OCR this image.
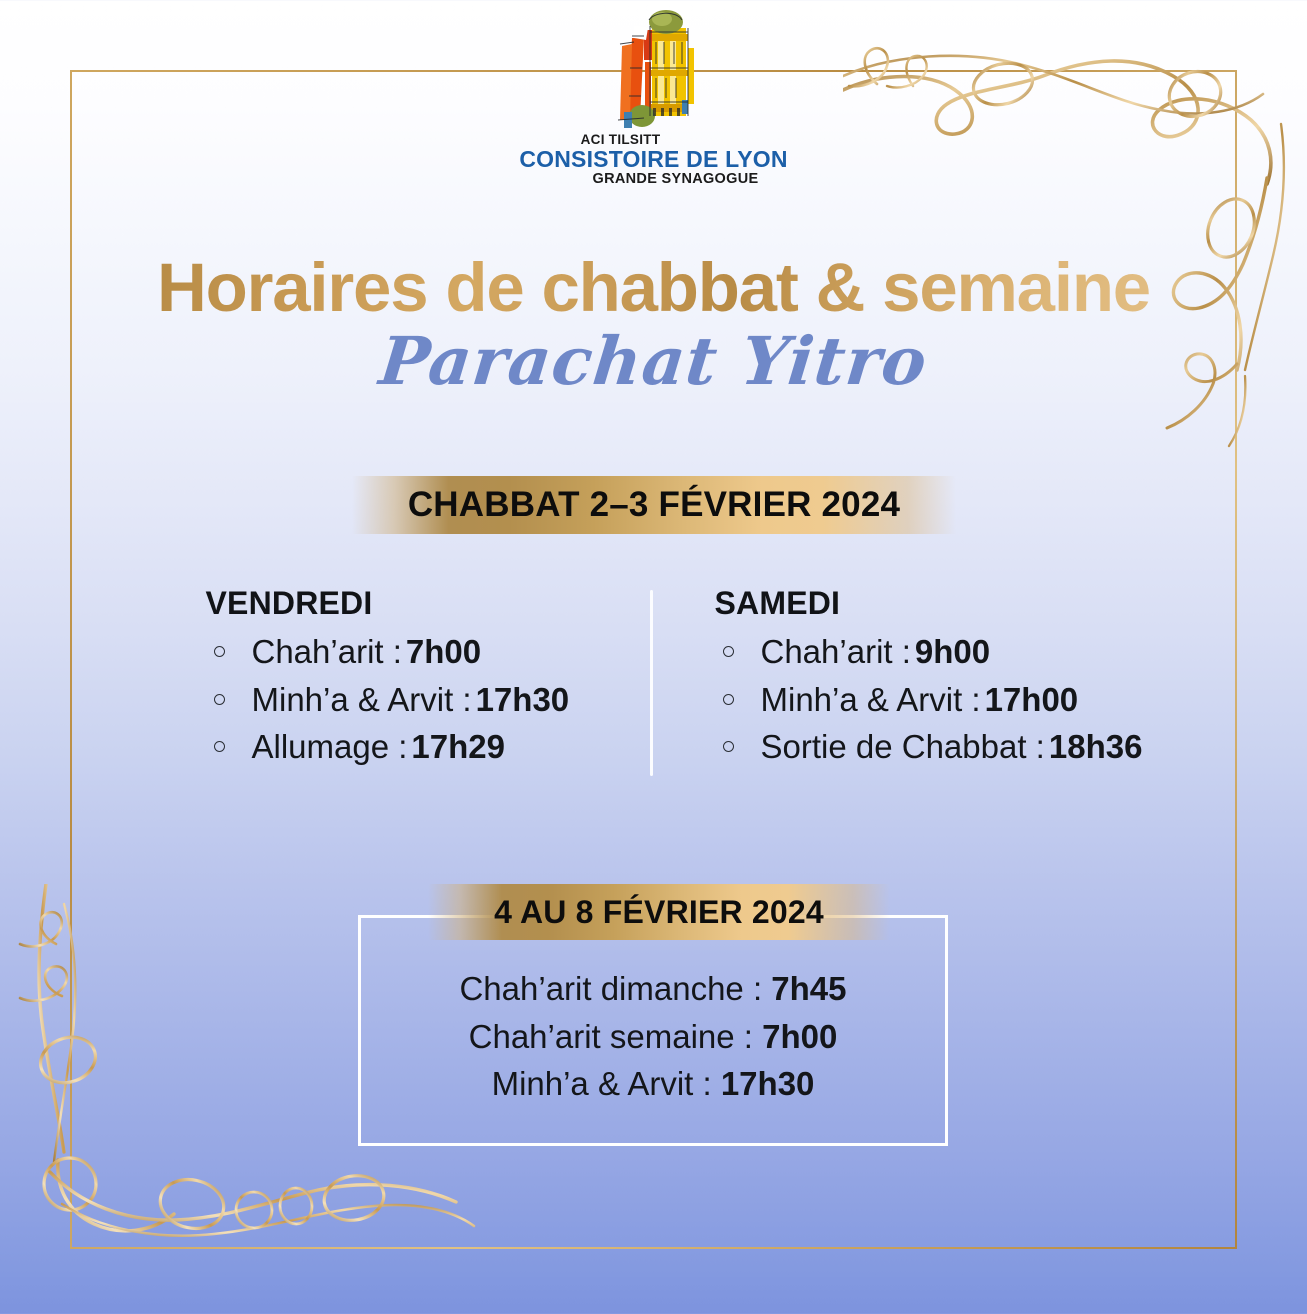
ACI TILSITT
CONSISTOIRE DE LYON
GRANDE SYNAGOGUE
Horaires de chabbat & semaine
Parachat Yitro
CHABBAT 2–3 FÉVRIER 2024
VENDREDI
Chah’arit : 7h00
Minh’a & Arvit : 17h30
Allumage : 17h29
SAMEDI
Chah’arit : 9h00
Minh’a & Arvit : 17h00
Sortie de Chabbat : 18h36
4 AU 8 FÉVRIER 2024
Chah’arit dimanche : 7h45
Chah’arit semaine : 7h00
Minh’a & Arvit : 17h30
